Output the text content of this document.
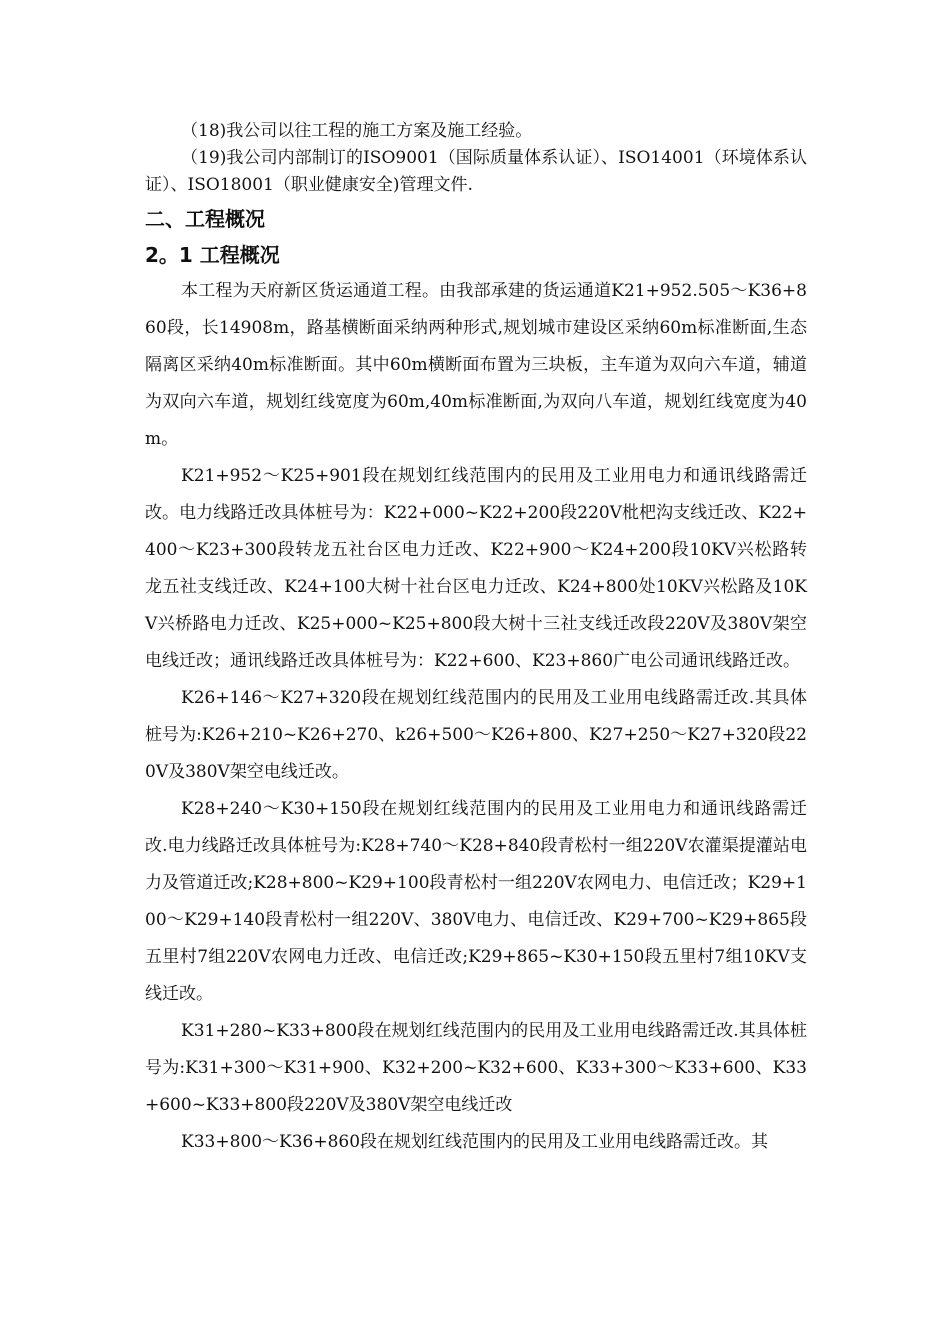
（18)我公司以往工程的施工方案及施工经验。

（19)我公司内部制订的ISO9001（国际质量体系认证）、ISO14001（环境体系认证）、ISO18001（职业健康安全)管理文件.

二、工程概况
2。1 工程概况

本工程为天府新区货运通道工程。由我部承建的货运通道K21+952.505～K36+860段，长14908m，路基横断面采纳两种形式,规划城市建设区采纳60m标准断面,生态隔离区采纳40m标准断面。其中60m横断面布置为三块板，主车道为双向六车道，辅道为双向六车道，规划红线宽度为60m,40m标准断面,为双向八车道，规划红线宽度为40m。

K21+952～K25+901段在规划红线范围内的民用及工业用电力和通讯线路需迁改。电力线路迁改具体桩号为：K22+000~K22+200段220V枇杷沟支线迁改、K22+400～K23+300段转龙五社台区电力迁改、K22+900～K24+200段10KV兴松路转龙五社支线迁改、K24+100大树十社台区电力迁改、K24+800处10KV兴松路及10KV兴桥路电力迁改、K25+000~K25+800段大树十三社支线迁改段220V及380V架空电线迁改；通讯线路迁改具体桩号为：K22+600、K23+860广电公司通讯线路迁改。

K26+146～K27+320段在规划红线范围内的民用及工业用电线路需迁改.其具体桩号为:K26+210~K26+270、k26+500～K26+800、K27+250～K27+320段220V及380V架空电线迁改。

K28+240～K30+150段在规划红线范围内的民用及工业用电力和通讯线路需迁改.电力线路迁改具体桩号为:K28+740～K28+840段青松村一组220V农灌渠提灌站电力及管道迁改;K28+800~K29+100段青松村一组220V农网电力、电信迁改；K29+100～K29+140段青松村一组220V、380V电力、电信迁改、K29+700~K29+865段五里村7组220V农网电力迁改、电信迁改;K29+865~K30+150段五里村7组10KV支线迁改。

K31+280~K33+800段在规划红线范围内的民用及工业用电线路需迁改.其具体桩号为:K31+300～K31+900、K32+200~K32+600、K33+300～K33+600、K33+600~K33+800段220V及380V架空电线迁改

K33+800～K36+860段在规划红线范围内的民用及工业用电线路需迁改。其
